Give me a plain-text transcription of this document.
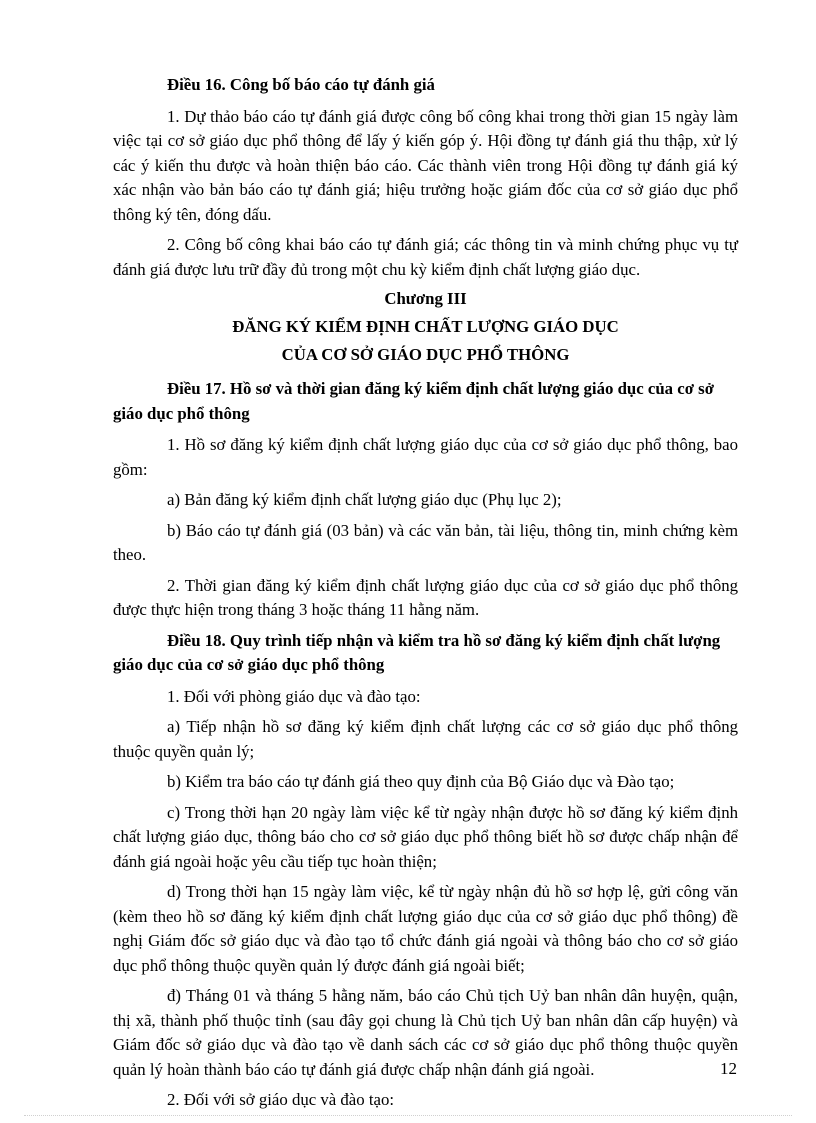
Điều 16. Công bố báo cáo tự đánh giá

1. Dự thảo báo cáo tự đánh giá được công bố công khai trong thời gian 15 ngày làm việc tại cơ sở giáo dục phổ thông để lấy ý kiến góp ý. Hội đồng tự đánh giá thu thập, xử lý các ý kiến thu được và hoàn thiện báo cáo. Các thành viên trong Hội đồng tự đánh giá ký xác nhận vào bản báo cáo tự đánh giá; hiệu trưởng hoặc giám đốc của cơ sở giáo dục phổ thông ký tên, đóng dấu.

2. Công bố công khai báo cáo tự đánh giá; các thông tin và minh chứng phục vụ tự đánh giá được lưu trữ đầy đủ trong một chu kỳ kiểm định chất lượng giáo dục.

Chương III

ĐĂNG KÝ KIỂM ĐỊNH CHẤT LƯỢNG GIÁO DỤC

CỦA CƠ SỞ GIÁO DỤC PHỔ THÔNG

Điều 17. Hồ sơ và thời gian đăng ký kiểm định chất lượng giáo dục của cơ sở giáo dục phổ thông

1. Hồ sơ đăng ký kiểm định chất lượng giáo dục của cơ sở giáo dục phổ thông, bao gồm:

a) Bản đăng ký kiểm định chất lượng giáo dục (Phụ lục 2);

b) Báo cáo tự đánh giá (03 bản) và các văn bản, tài liệu, thông tin, minh chứng kèm theo.

2. Thời gian đăng ký kiểm định chất lượng giáo dục của cơ sở giáo dục phổ thông được thực hiện trong tháng 3 hoặc tháng 11 hằng năm.

Điều 18. Quy trình tiếp nhận và kiểm tra hồ sơ đăng ký kiểm định chất lượng giáo dục của cơ sở giáo dục phổ thông

1. Đối với phòng giáo dục và đào tạo:

a) Tiếp nhận hồ sơ đăng ký kiểm định chất lượng các cơ sở giáo dục phổ thông thuộc quyền quản lý;

b) Kiểm tra báo cáo tự đánh giá theo quy định của Bộ Giáo dục và Đào tạo;

c) Trong thời hạn 20 ngày làm việc kể từ ngày nhận được hồ sơ đăng ký kiểm định chất lượng giáo dục, thông báo cho cơ sở giáo dục phổ thông biết hồ sơ được chấp nhận để đánh giá ngoài hoặc yêu cầu tiếp tục hoàn thiện;

d) Trong thời hạn 15 ngày làm việc, kể từ ngày nhận đủ hồ sơ hợp lệ, gửi công văn (kèm theo hồ sơ đăng ký kiểm định chất lượng giáo dục của cơ sở giáo dục phổ thông) đề nghị Giám đốc sở giáo dục và đào tạo tổ chức đánh giá ngoài và thông báo cho cơ sở giáo dục phổ thông thuộc quyền quản lý được đánh giá ngoài biết;

đ) Tháng 01 và tháng 5 hằng năm, báo cáo Chủ tịch Uỷ ban nhân dân huyện, quận, thị xã, thành phố thuộc tỉnh (sau đây gọi chung là Chủ tịch Uỷ ban nhân dân cấp huyện) và Giám đốc sở giáo dục và đào tạo về danh sách các cơ sở giáo dục phổ thông thuộc quyền quản lý hoàn thành báo cáo tự đánh giá được chấp nhận đánh giá ngoài.

2. Đối với sở giáo dục và đào tạo:

12
